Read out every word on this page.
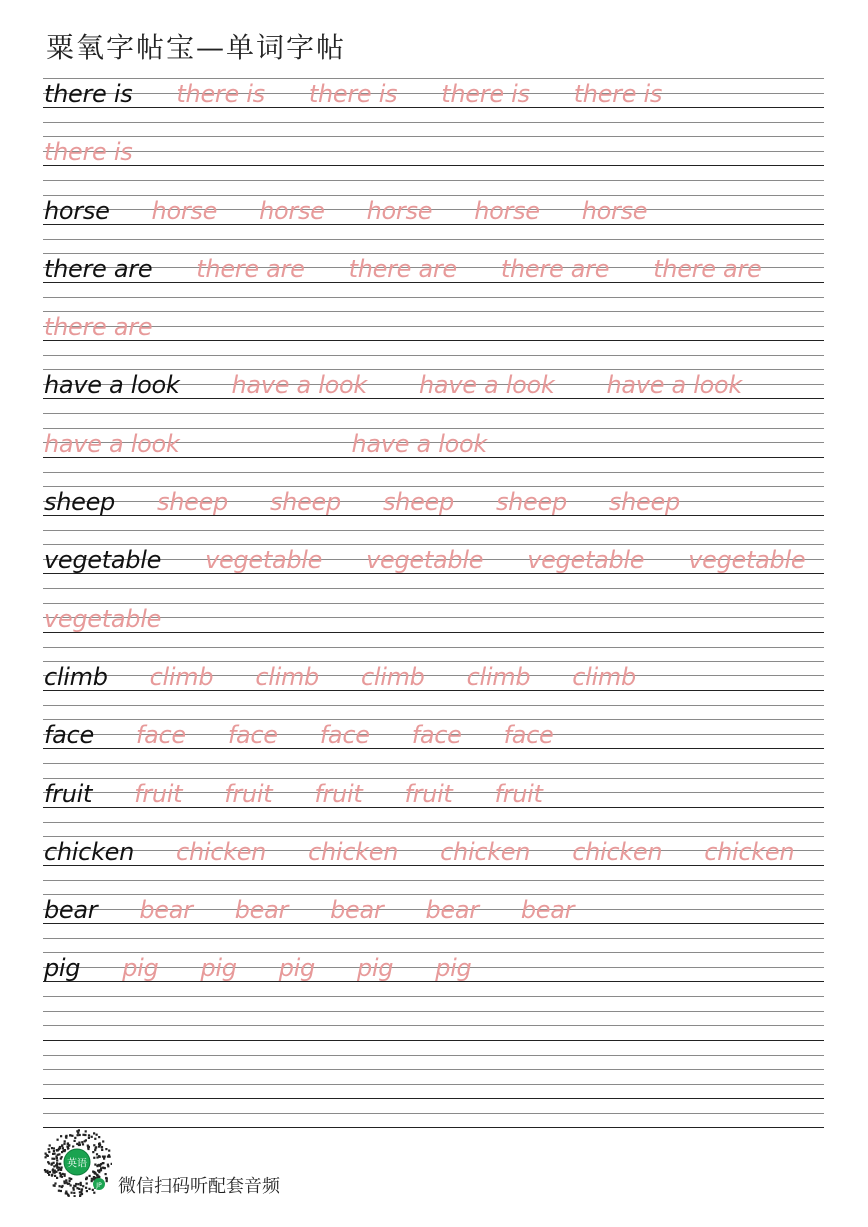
粟氧字帖宝—单词字帖
there is there is there is there is there is
there is
horse horse horse horse horse horse
there are there are there are there are there are
there are
have a look have a look have a look have a look
have a look	have a look
sheep sheep sheep sheep sheep sheep
vegetable vegetable vegetable vegetable vegetable
vegetable
climb climb climb climb climb climb
face face face face face face
fruit fruit fruit fruit fruit fruit
chicken chicken chicken chicken chicken chicken
bear bear bear bear bear bear
pig pig pig pig pig pig
英语
JP 微信扫码听配套音频
